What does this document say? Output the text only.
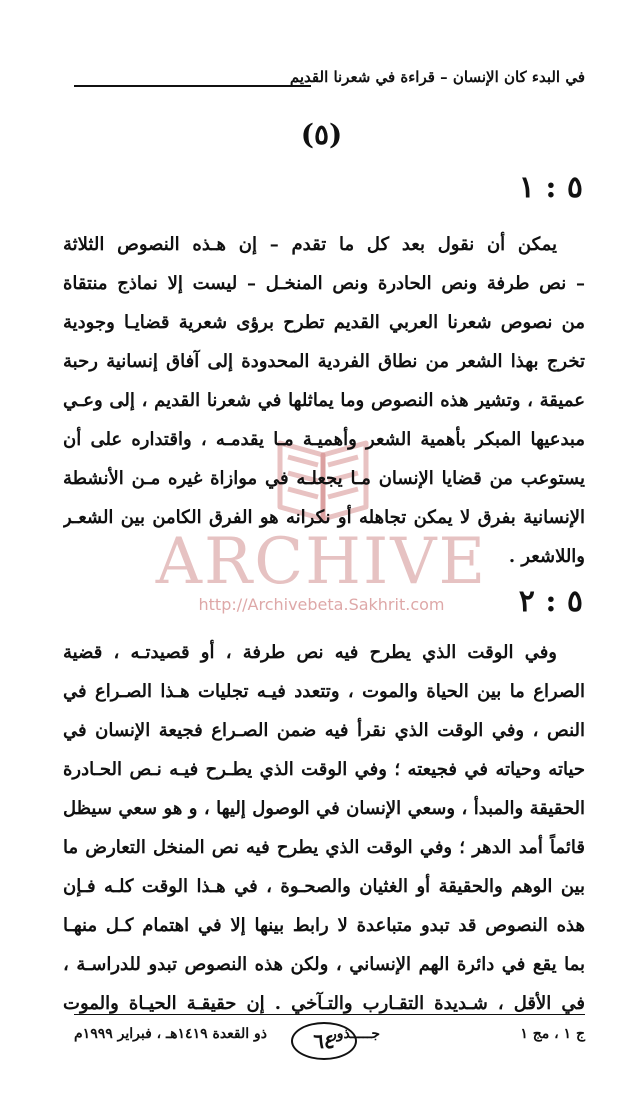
في البدء كان الإنسان – قراءة في شعرنا القديم
(٥)
٥ : ١
ARCHIVE
http://Archivebeta.Sakhrit.com
يمكن أن نقول بعد كل ما تقدم – إن هـذه النصوص الثلاثة
– نص طرفة ونص الحادرة ونص المنخـل – ليست إلا نماذج منتقاة
من نصوص شعرنا العربي القديم تطرح برؤى شعرية قضايـا وجودية
تخرج بهذا الشعر من نطاق الفردية المحدودة إلى آفاق إنسانية رحبة
عميقة ، وتشير هذه النصوص وما يماثلها في شعرنا القديم ، إلى وعـي
مبدعيها المبكر بأهمية الشعر وأهميـة مـا يقدمـه ، واقتداره على أن
يستوعب من قضايا الإنسان مـا يجعلـه في موازاة غيره مـن الأنشطة
الإنسانية بفرق لا يمكن تجاهله أو نكرانه هو الفرق الكامن بين الشعـر
واللاشعر .
٥ : ٢
وفي الوقت الذي يطرح فيه نص طرفة ، أو قصيدتـه ، قضية
الصراع ما بين الحياة والموت ، وتتعدد فيـه تجليات هـذا الصـراع في
النص ، وفي الوقت الذي نقرأ فيه ضمن الصـراع فجيعة الإنسان في
حياته وحياته في فجيعته ؛ وفي الوقت الذي يطـرح فيـه نـص الحـادرة
الحقيقة والمبدأ ، وسعي الإنسان في الوصول إليها ، و هو سعي سيظل
قائماً أمد الدهر ؛ وفي الوقت الذي يطرح فيه نص المنخل التعارض ما
بين الوهم والحقيقة أو الغثيان والصحـوة ، في هـذا الوقت كلـه فـإن
هذه النصوص قد تبدو متباعدة لا رابط بينها إلا في اهتمام كـل منهـا
بما يقع في دائرة الهم الإنساني ، ولكن هذه النصوص تبدو للدراسـة ،
في الأقل ، شـديدة التقـارب والتـآخي . إن حقيقـة الحيـاة والموت
ج ١ ، مج ١
٦٤
جـــــذور
ذو القعدة ١٤١٩هـ ، فبراير ١٩٩٩م
